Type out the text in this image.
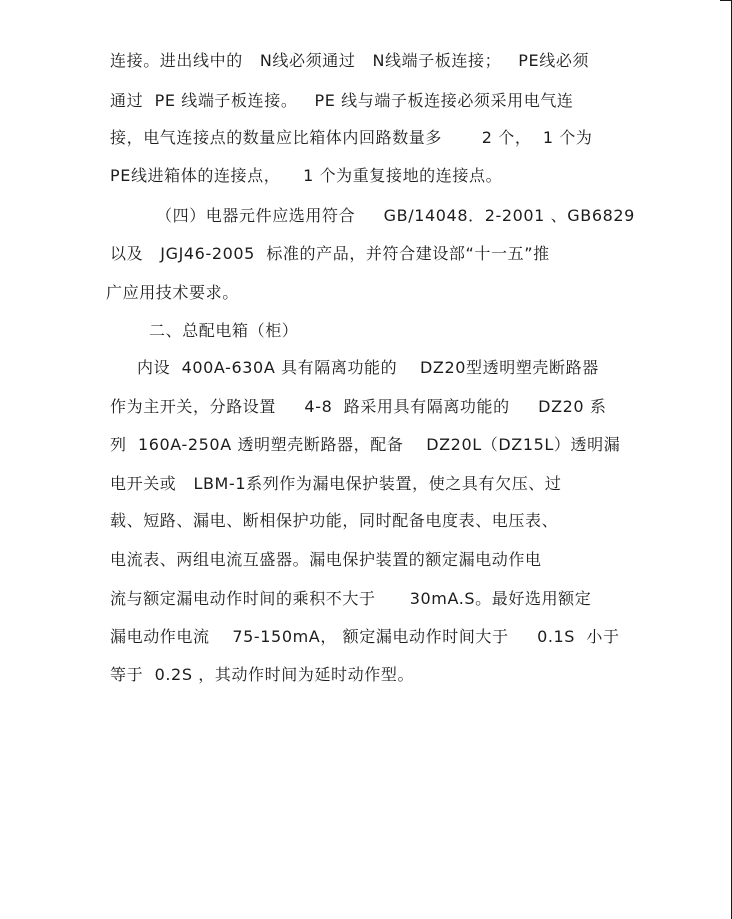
连接。进出线中的   N线必须通过   N线端子板连接；   PE线必须
通过  PE 线端子板连接。   PE 线与端子板连接必须采用电气连
接，电气连接点的数量应比箱体内回路数量多       2 个，  1 个为
PE线进箱体的连接点，    1 个为重复接地的连接点。
（四）电器元件应选用符合     GB/14048．2-2001 、GB6829
以及   JGJ46-2005  标准的产品，并符合建设部“十一五”推
广应用技术要求。
二、总配电箱（柜）
内设  400A-630A 具有隔离功能的    DZ20型透明塑壳断路器
作为主开关，分路设置     4-8  路采用具有隔离功能的     DZ20 系
列  160A-250A 透明塑壳断路器，配备    DZ20L（DZ15L）透明漏
电开关或   LBM-1系列作为漏电保护装置，使之具有欠压、过
载、短路、漏电、断相保护功能，同时配备电度表、电压表、
电流表、两组电流互盛器。漏电保护装置的额定漏电动作电
流与额定漏电动作时间的乘积不大于      30mA.S。最好选用额定
漏电动作电流    75-150mA， 额定漏电动作时间大于     0.1S  小于
等于  0.2S ，其动作时间为延时动作型。
